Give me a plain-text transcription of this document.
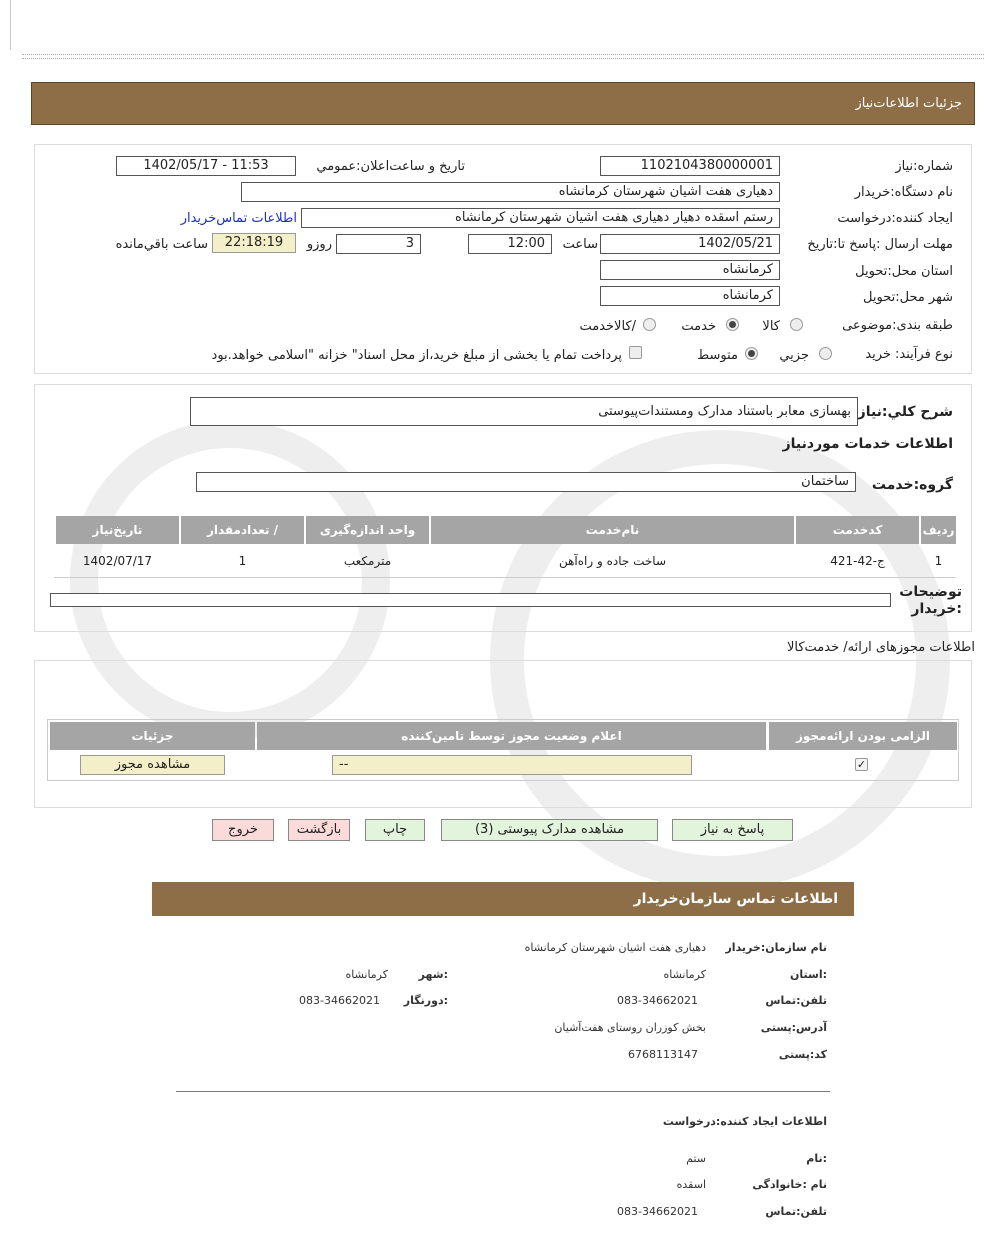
جزئیات اطلاعات‌نیاز
شماره:نیاز
1102104380000001
تاریخ و ساعت‌اعلان:عمومي
1402/05/17 - 11:53
نام دستگاه:خریدار
دهیاری هفت اشیان شهرستان کرمانشاه
ایجاد کننده:درخواست
رستم اسقده دهیار دهیاری هفت اشیان شهرستان کرمانشاه
اطلاعات تماس‌خریدار
مهلت ارسال :پاسخ تا:تاریخ
1402/05/21
ساعت
12:00
3
روزو
22:18:19
ساعت باقي‌مانده
استان محل:تحویل
کرمانشاه
شهر محل:تحویل
کرمانشاه
طبقه بندی:موضوعی
کالا
خدمت
/کالاخدمت
نوع فرآیند: خرید
جزيي
متوسط
پرداخت تمام یا بخشی از مبلغ خرید،از محل اسناد" خزانه "اسلامی خواهد.بود
شرح کلي:نیاز
بهسازی معابر باستناد مدارک ومستندات‌پیوستی
اطلاعات خدمات موردنیاز
گروه:خدمت
ساختمان
ردیف
کدخدمت
نام‌خدمت
واحد اندازه‌گیری
/ تعدادمقدار
تاریخ‌نیاز
1
ج-42-421
ساخت جاده و راه‌آهن
مترمکعب
1
1402/07/17
توضیحات :خریدار
اطلاعات مجوزهای ارائه/ خدمت‌کالا
الزامی بودن ارائه‌مجوز
اعلام وضعیت مجوز توسط تامین‌کننده
جزئیات
✓
--
مشاهده مجوز
پاسخ به نیاز
مشاهده مدارک پیوستی (3)
چاپ
بازگشت
خروج
اطلاعات تماس سازمان‌خریدار
نام سازمان:خریدار
دهیاری هفت اشیان شهرستان کرمانشاه
:استان
کرمانشاه
:شهر
کرمانشاه
تلفن:تماس
083-34662021
:دورنگار
083-34662021
آدرس:پستی
بخش کوزران روستای هفت‌آشیان
کد:پستی
6768113147
اطلاعات ایجاد کننده:درخواست
:نام
ستم
نام :خانوادگی
اسقده
تلفن:تماس
083-34662021
